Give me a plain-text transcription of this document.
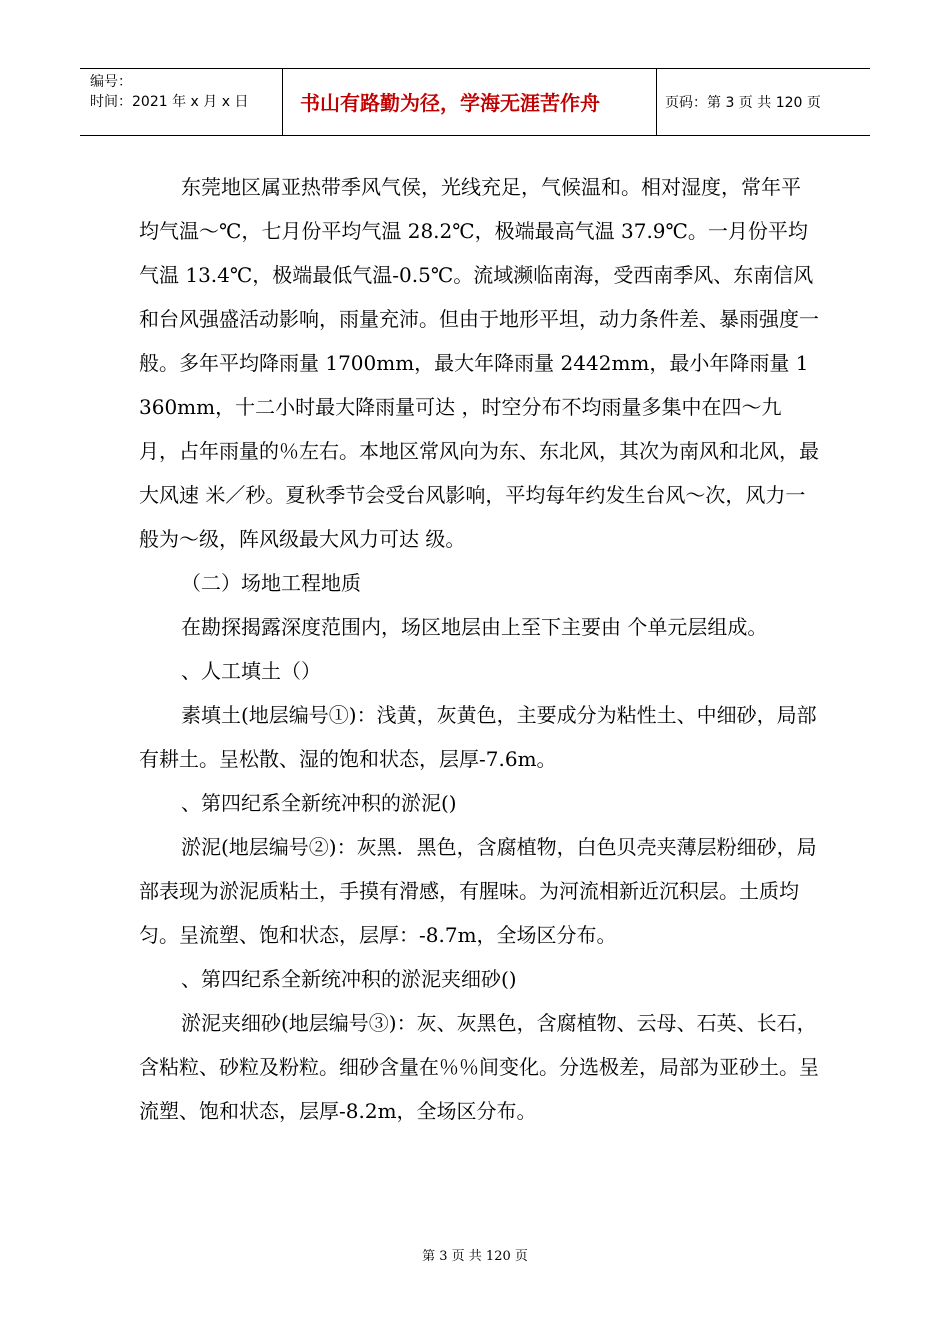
编号：
时间：2021 年 x 月 x 日	书山有路勤为径，学海无涯苦作舟	页码：第 3 页 共 120 页

东莞地区属亚热带季风气侯，光线充足，气候温和。相对湿度，常年平均气温～℃，七月份平均气温 28.2℃，极端最高气温 37.9℃。一月份平均气温 13.4℃，极端最低气温-0.5℃。流域濒临南海，受西南季风、东南信风和台风强盛活动影响，雨量充沛。但由于地形平坦，动力条件差、暴雨强度一般。多年平均降雨量 1700mm，最大年降雨量 2442mm，最小年降雨量 1360mm，十二小时最大降雨量可达 ，时空分布不均雨量多集中在四～九月，占年雨量的％左右。本地区常风向为东、东北风，其次为南风和北风，最大风速 米／秒。夏秋季节会受台风影响，平均每年约发生台风～次，风力一般为～级，阵风级最大风力可达 级。

（二）场地工程地质

在勘探揭露深度范围内，场区地层由上至下主要由 个单元层组成。

、人工填土（）

素填土(地层编号①)：浅黄，灰黄色，主要成分为粘性土、中细砂，局部有耕土。呈松散、湿的饱和状态，层厚-7.6m。

、第四纪系全新统冲积的淤泥()

淤泥(地层编号②)：灰黑．黑色，含腐植物，白色贝壳夹薄层粉细砂，局部表现为淤泥质粘土，手摸有滑感，有腥味。为河流相新近沉积层。土质均匀。呈流塑、饱和状态，层厚：-8.7m，全场区分布。

、第四纪系全新统冲积的淤泥夹细砂()

淤泥夹细砂(地层编号③)：灰、灰黑色，含腐植物、云母、石英、长石，含粘粒、砂粒及粉粒。细砂含量在％％间变化。分选极差，局部为亚砂土。呈流塑、饱和状态，层厚-8.2m，全场区分布。

第 3 页 共 120 页
